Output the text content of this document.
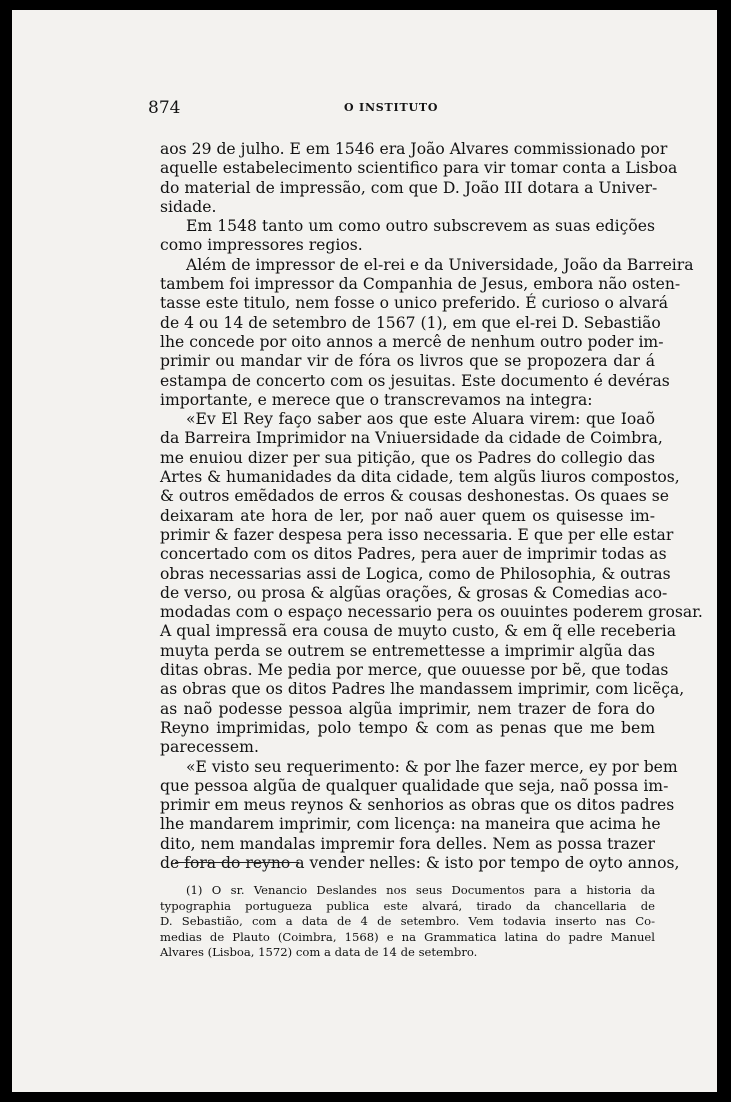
874	O INSTITUTO
aos 29 de julho. E em 1546 era João Alvares commissionado por
aquelle estabelecimento scientifico para vir tomar conta a Lisboa
do material de impressão, com que D. João III dotara a Univer-
sidade.
Em 1548 tanto um como outro subscrevem as suas edições
como impressores regios.
Além de impressor de el-rei e da Universidade, João da Barreira
tambem foi impressor da Companhia de Jesus, embora não osten-
tasse este titulo, nem fosse o unico preferido. É curioso o alvará
de 4 ou 14 de setembro de 1567 (1), em que el-rei D. Sebastião
lhe concede por oito annos a mercê de nenhum outro poder im-
primir ou mandar vir de fóra os livros que se propozera dar á
estampa de concerto com os jesuitas. Este documento é devéras
importante, e merece que o transcrevamos na integra:
«Ev El Rey faço saber aos que este Aluara virem: que Ioaõ
da Barreira Imprimidor na Vniuersidade da cidade de Coimbra,
me enuiou dizer per sua pitição, que os Padres do collegio das
Artes & humanidades da dita cidade, tem algũs liuros compostos,
& outros emẽdados de erros & cousas deshonestas. Os quaes se
deixaram ate hora de ler, por naõ auer quem os quisesse im-
primir & fazer despesa pera isso necessaria. E que per elle estar
concertado com os ditos Padres, pera auer de imprimir todas as
obras necessarias assi de Logica, como de Philosophia, & outras
de verso, ou prosa & algũas orações, & grosas & Comedias aco-
modadas com o espaço necessario pera os ouuintes poderem grosar.
A qual impressã era cousa de muyto custo, & em q̃ elle receberia
muyta perda se outrem se entremettesse a imprimir algũa das
ditas obras. Me pedia por merce, que ouuesse por bẽ, que todas
as obras que os ditos Padres lhe mandassem imprimir, com licẽça,
as naõ podesse pessoa algũa imprimir, nem trazer de fora do
Reyno imprimidas, polo tempo & com as penas que me bem
parecessem.
«E visto seu requerimento: & por lhe fazer merce, ey por bem
que pessoa algũa de qualquer qualidade que seja, naõ possa im-
primir em meus reynos & senhorios as obras que os ditos padres
lhe mandarem imprimir, com licença: na maneira que acima he
dito, nem mandalas impremir fora delles. Nem as possa trazer
de fora do reyno a vender nelles: & isto por tempo de oyto annos,
(1) O sr. Venancio Deslandes nos seus Documentos para a historia da
typographia portugueza publica este alvará, tirado da chancellaria de
D. Sebastião, com a data de 4 de setembro. Vem todavia inserto nas Co-
medias de Plauto (Coimbra, 1568) e na Grammatica latina do padre Manuel
Alvares (Lisboa, 1572) com a data de 14 de setembro.
